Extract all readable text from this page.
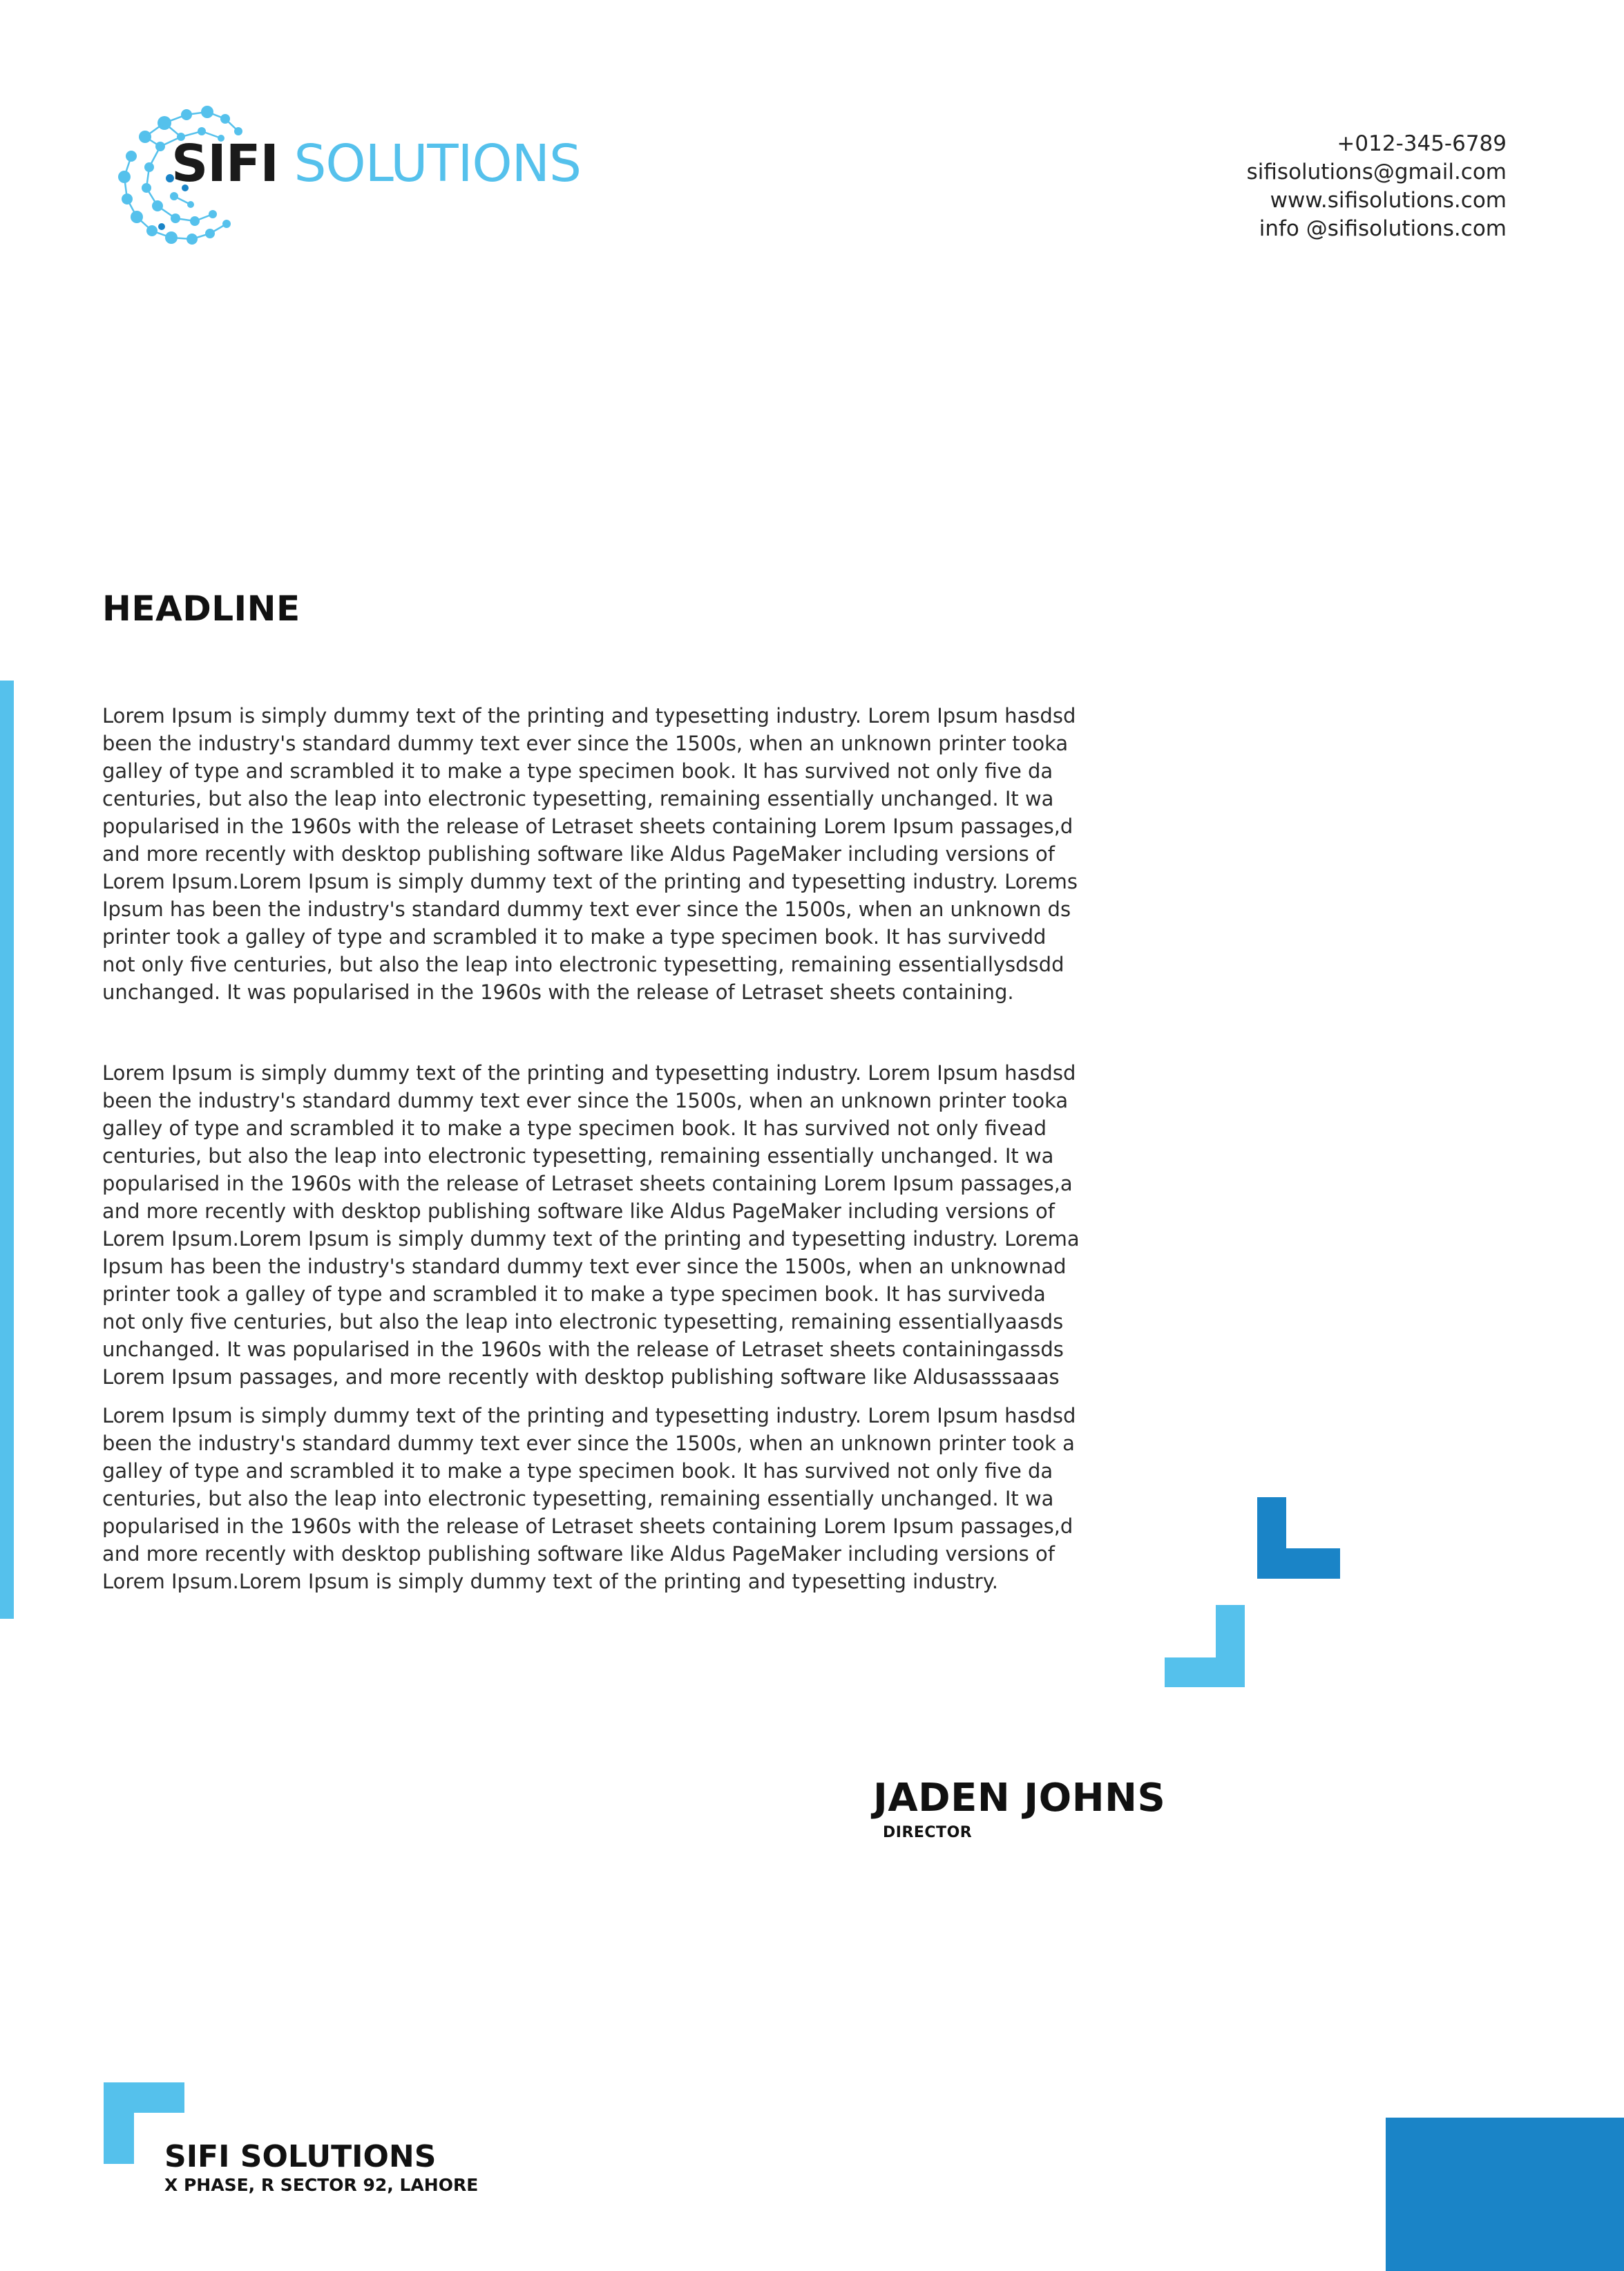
SIFI SOLUTIONS	+012-345-6789
sifisolutions@gmail.com
www.sifisolutions.com
info @sifisolutions.com
HEADLINE
Lorem Ipsum is simply dummy text of the printing and typesetting industry. Lorem Ipsum hasdsd
been the industry's standard dummy text ever since the 1500s, when an unknown printer tooka
galley of type and scrambled it to make a type specimen book. It has survived not only five da
centuries, but also the leap into electronic typesetting, remaining essentially unchanged. It wa
popularised in the 1960s with the release of Letraset sheets containing Lorem Ipsum passages,d
and more recently with desktop publishing software like Aldus PageMaker including versions of
Lorem Ipsum.Lorem Ipsum is simply dummy text of the printing and typesetting industry. Lorems
Ipsum has been the industry's standard dummy text ever since the 1500s, when an unknown ds
printer took a galley of type and scrambled it to make a type specimen book. It has survivedd
not only five centuries, but also the leap into electronic typesetting, remaining essentiallysdsdd
unchanged. It was popularised in the 1960s with the release of Letraset sheets containing.
Lorem Ipsum is simply dummy text of the printing and typesetting industry. Lorem Ipsum hasdsd
been the industry's standard dummy text ever since the 1500s, when an unknown printer tooka
galley of type and scrambled it to make a type specimen book. It has survived not only fivead
centuries, but also the leap into electronic typesetting, remaining essentially unchanged. It wa
popularised in the 1960s with the release of Letraset sheets containing Lorem Ipsum passages,a
and more recently with desktop publishing software like Aldus PageMaker including versions of
Lorem Ipsum.Lorem Ipsum is simply dummy text of the printing and typesetting industry. Lorema
Ipsum has been the industry's standard dummy text ever since the 1500s, when an unknownad
printer took a galley of type and scrambled it to make a type specimen book. It has surviveda
not only five centuries, but also the leap into electronic typesetting, remaining essentiallyaasds
unchanged. It was popularised in the 1960s with the release of Letraset sheets containingassds
Lorem Ipsum passages, and more recently with desktop publishing software like Aldusasssaaas
Lorem Ipsum is simply dummy text of the printing and typesetting industry. Lorem Ipsum hasdsd
been the industry's standard dummy text ever since the 1500s, when an unknown printer took a
galley of type and scrambled it to make a type specimen book. It has survived not only five da
centuries, but also the leap into electronic typesetting, remaining essentially unchanged. It wa
popularised in the 1960s with the release of Letraset sheets containing Lorem Ipsum passages,d
and more recently with desktop publishing software like Aldus PageMaker including versions of
Lorem Ipsum.Lorem Ipsum is simply dummy text of the printing and typesetting industry.
JADEN JOHNS
DIRECTOR
SIFI SOLUTIONS
X PHASE, R SECTOR 92, LAHORE
